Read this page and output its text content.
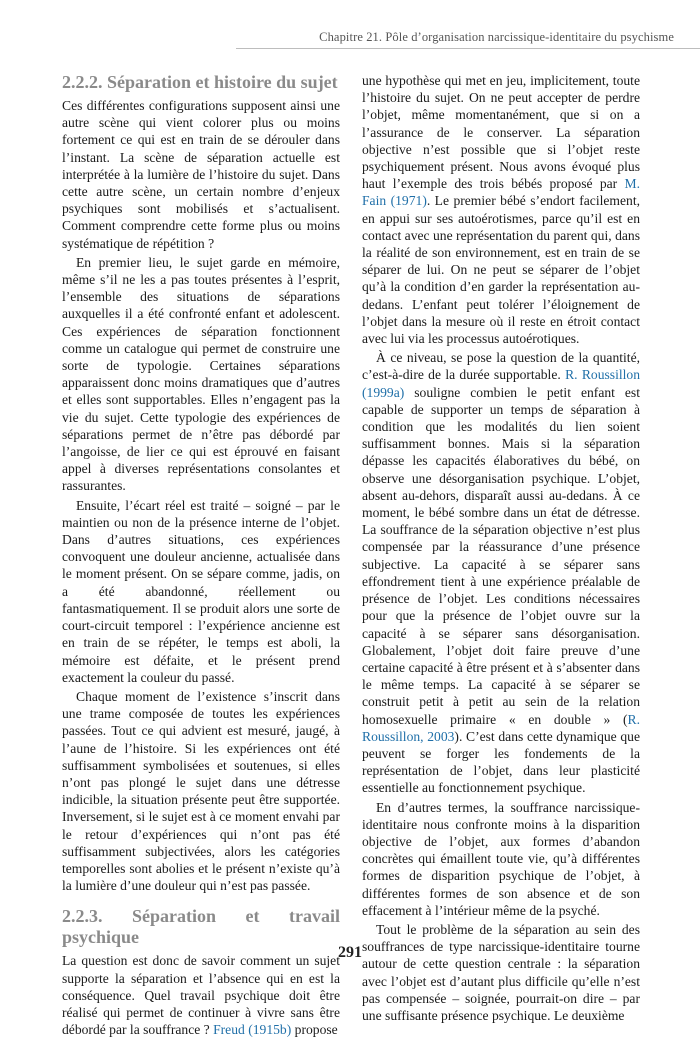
Chapitre 21. Pôle d’organisation narcissique-identitaire du psychisme
2.2.2. Séparation et histoire du sujet

Ces différentes configurations supposent ainsi une autre scène qui vient colorer plus ou moins fortement ce qui est en train de se dérouler dans l’instant. La scène de séparation actuelle est interprétée à la lumière de l’histoire du sujet. Dans cette autre scène, un certain nombre d’enjeux psychiques sont mobilisés et s’actualisent. Comment comprendre cette forme plus ou moins systématique de répétition ?

En premier lieu, le sujet garde en mémoire, même s’il ne les a pas toutes présentes à l’esprit, l’ensemble des situations de séparations auxquelles il a été confronté enfant et adolescent. Ces expériences de séparation fonctionnent comme un catalogue qui permet de construire une sorte de typologie. Certaines séparations apparaissent donc moins dramatiques que d’autres et elles sont supportables. Elles n’engagent pas la vie du sujet. Cette typologie des expériences de séparations permet de n’être pas débordé par l’angoisse, de lier ce qui est éprouvé en faisant appel à diverses représentations consolantes et rassurantes.

Ensuite, l’écart réel est traité – soigné – par le maintien ou non de la présence interne de l’objet. Dans d’autres situations, ces expériences convoquent une douleur ancienne, actualisée dans le moment présent. On se sépare comme, jadis, on a été abandonné, réellement ou fantasmatiquement. Il se produit alors une sorte de court-circuit temporel : l’expérience ancienne est en train de se répéter, le temps est aboli, la mémoire est défaite, et le présent prend exactement la couleur du passé.

Chaque moment de l’existence s’inscrit dans une trame composée de toutes les expériences passées. Tout ce qui advient est mesuré, jaugé, à l’aune de l’histoire. Si les expériences ont été suffisamment symbolisées et soutenues, si elles n’ont pas plongé le sujet dans une détresse indicible, la situation présente peut être supportée. Inversement, si le sujet est à ce moment envahi par le retour d’expériences qui n’ont pas été suffisamment subjectivées, alors les catégories temporelles sont abolies et le présent n’existe qu’à la lumière d’une douleur qui n’est pas passée.

2.2.3. Séparation et travail psychique

La question est donc de savoir comment un sujet supporte la séparation et l’absence qui en est la conséquence. Quel travail psychique doit être réalisé qui permet de continuer à vivre sans être débordé par la souffrance ? Freud (1915b) propose

une hypothèse qui met en jeu, implicitement, toute l’histoire du sujet. On ne peut accepter de perdre l’objet, même momentanément, que si on a l’assurance de le conserver. La séparation objective n’est possible que si l’objet reste psychiquement présent. Nous avons évoqué plus haut l’exemple des trois bébés proposé par M. Fain (1971). Le premier bébé s’endort facilement, en appui sur ses autoérotismes, parce qu’il est en contact avec une représentation du parent qui, dans la réalité de son environnement, est en train de se séparer de lui. On ne peut se séparer de l’objet qu’à la condition d’en garder la représentation au-dedans. L’enfant peut tolérer l’éloignement de l’objet dans la mesure où il reste en étroit contact avec lui via les processus autoérotiques.

À ce niveau, se pose la question de la quantité, c’est-à-dire de la durée supportable. R. Roussillon (1999a) souligne combien le petit enfant est capable de supporter un temps de séparation à condition que les modalités du lien soient suffisamment bonnes. Mais si la séparation dépasse les capacités élaboratives du bébé, on observe une désorganisation psychique. L’objet, absent au-dehors, disparaît aussi au-dedans. À ce moment, le bébé sombre dans un état de détresse. La souffrance de la séparation objective n’est plus compensée par la réassurance d’une présence subjective. La capacité à se séparer sans effondrement tient à une expérience préalable de présence de l’objet. Les conditions nécessaires pour que la présence de l’objet ouvre sur la capacité à se séparer sans désorganisation. Globalement, l’objet doit faire preuve d’une certaine capacité à être présent et à s’absenter dans le même temps. La capacité à se séparer se construit petit à petit au sein de la relation homosexuelle primaire « en double » (R. Roussillon, 2003). C’est dans cette dynamique que peuvent se forger les fondements de la représentation de l’objet, dans leur plasticité essentielle au fonctionnement psychique.

En d’autres termes, la souffrance narcissique-identitaire nous confronte moins à la disparition objective de l’objet, aux formes d’abandon concrètes qui émaillent toute vie, qu’à différentes formes de disparition psychique de l’objet, à différentes formes de son absence et de son effacement à l’intérieur même de la psyché.

Tout le problème de la séparation au sein des souffrances de type narcissique-identitaire tourne autour de cette question centrale : la séparation avec l’objet est d’autant plus difficile qu’elle n’est pas compensée – soignée, pourrait-on dire – par une suffisante présence psychique. Le deuxième

291
